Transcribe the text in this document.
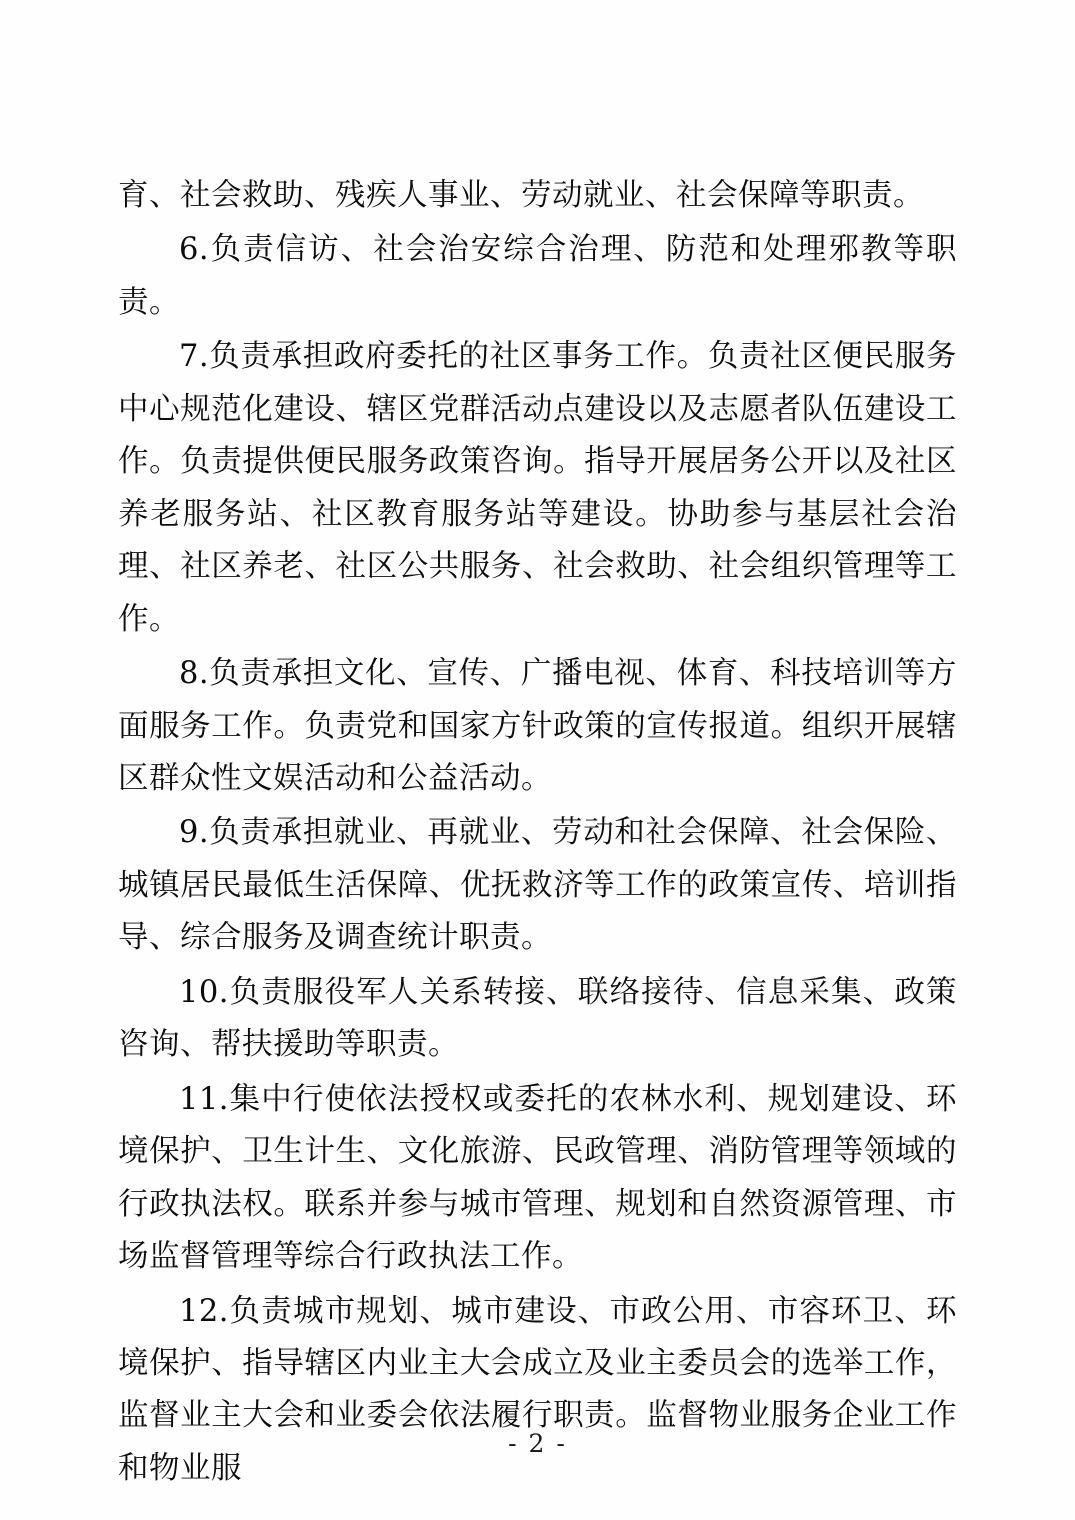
育、社会救助、残疾人事业、劳动就业、社会保障等职责。

6.负责信访、社会治安综合治理、防范和处理邪教等职责。

7.负责承担政府委托的社区事务工作。负责社区便民服务中心规范化建设、辖区党群活动点建设以及志愿者队伍建设工作。负责提供便民服务政策咨询。指导开展居务公开以及社区养老服务站、社区教育服务站等建设。协助参与基层社会治理、社区养老、社区公共服务、社会救助、社会组织管理等工作。

8.负责承担文化、宣传、广播电视、体育、科技培训等方面服务工作。负责党和国家方针政策的宣传报道。组织开展辖区群众性文娱活动和公益活动。

9.负责承担就业、再就业、劳动和社会保障、社会保险、城镇居民最低生活保障、优抚救济等工作的政策宣传、培训指导、综合服务及调查统计职责。

10.负责服役军人关系转接、联络接待、信息采集、政策咨询、帮扶援助等职责。

11.集中行使依法授权或委托的农林水利、规划建设、环境保护、卫生计生、文化旅游、民政管理、消防管理等领域的行政执法权。联系并参与城市管理、规划和自然资源管理、市场监督管理等综合行政执法工作。

12.负责城市规划、城市建设、市政公用、市容环卫、环境保护、指导辖区内业主大会成立及业主委员会的选举工作，监督业主大会和业委会依法履行职责。监督物业服务企业工作和物业服

- 2 -
